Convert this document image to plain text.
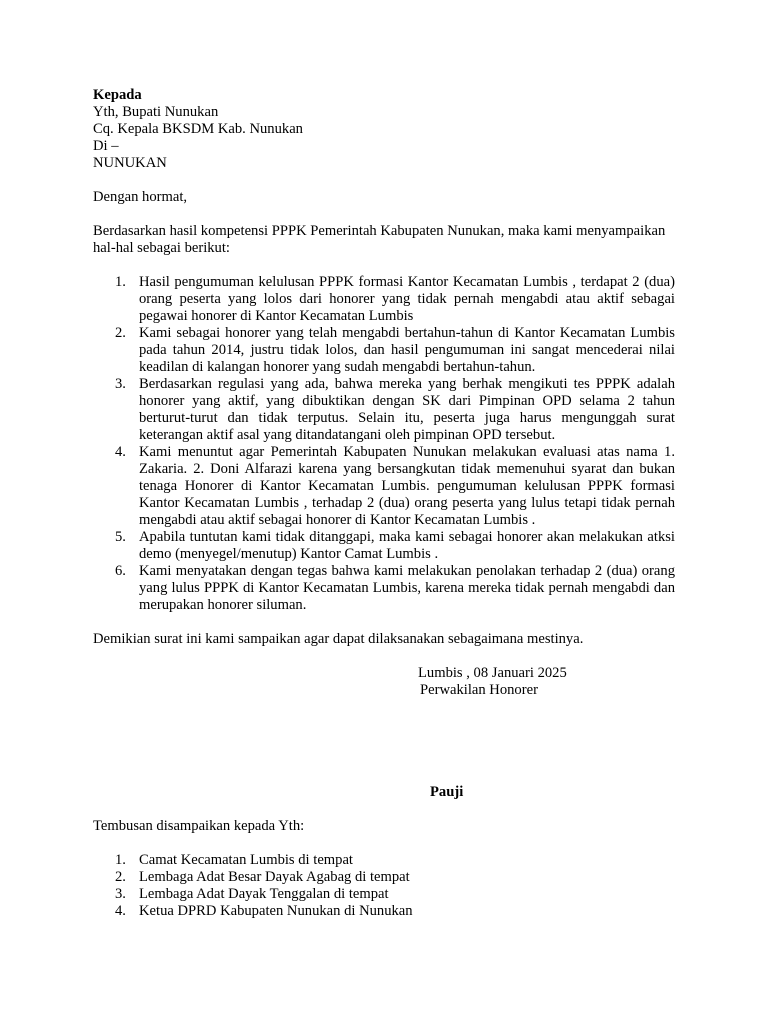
Kepada
Yth, Bupati Nunukan
Cq. Kepala BKSDM Kab. Nunukan
Di –
NUNUKAN
Dengan hormat,
Berdasarkan hasil kompetensi PPPK Pemerintah Kabupaten Nunukan, maka kami menyampaikan hal-hal sebagai berikut:
1. Hasil pengumuman kelulusan PPPK formasi Kantor Kecamatan Lumbis , terdapat 2 (dua) orang peserta yang lolos dari honorer yang tidak pernah mengabdi atau aktif sebagai pegawai honorer di Kantor Kecamatan Lumbis
2. Kami sebagai honorer yang telah mengabdi bertahun-tahun di Kantor Kecamatan Lumbis pada tahun 2014, justru tidak lolos, dan hasil pengumuman ini sangat mencederai nilai keadilan di kalangan honorer yang sudah mengabdi bertahun-tahun.
3. Berdasarkan regulasi yang ada, bahwa mereka yang berhak mengikuti tes PPPK adalah honorer yang aktif, yang dibuktikan dengan SK dari Pimpinan OPD selama 2 tahun berturut-turut dan tidak terputus. Selain itu, peserta juga harus mengunggah surat keterangan aktif asal yang ditandatangani oleh pimpinan OPD tersebut.
4. Kami menuntut agar Pemerintah Kabupaten Nunukan melakukan evaluasi atas nama 1. Zakaria. 2. Doni Alfarazi karena yang bersangkutan tidak memenuhui syarat dan bukan tenaga Honorer di Kantor Kecamatan Lumbis. pengumuman kelulusan PPPK formasi Kantor Kecamatan Lumbis , terhadap 2 (dua) orang peserta yang lulus tetapi tidak pernah mengabdi atau aktif sebagai honorer di Kantor Kecamatan Lumbis .
5. Apabila tuntutan kami tidak ditanggapi, maka kami sebagai honorer akan melakukan atksi demo (menyegel/menutup) Kantor Camat Lumbis .
6. Kami menyatakan dengan tegas bahwa kami melakukan penolakan terhadap 2 (dua) orang yang lulus PPPK di Kantor Kecamatan Lumbis, karena mereka tidak pernah mengabdi dan merupakan honorer siluman.
Demikian surat ini kami sampaikan agar dapat dilaksanakan sebagaimana mestinya.
Lumbis , 08 Januari 2025
Perwakilan Honorer
Pauji
Tembusan disampaikan kepada Yth:
1. Camat Kecamatan Lumbis di tempat
2. Lembaga Adat Besar Dayak Agabag di tempat
3. Lembaga Adat Dayak Tenggalan di tempat
4. Ketua DPRD Kabupaten Nunukan di Nunukan
